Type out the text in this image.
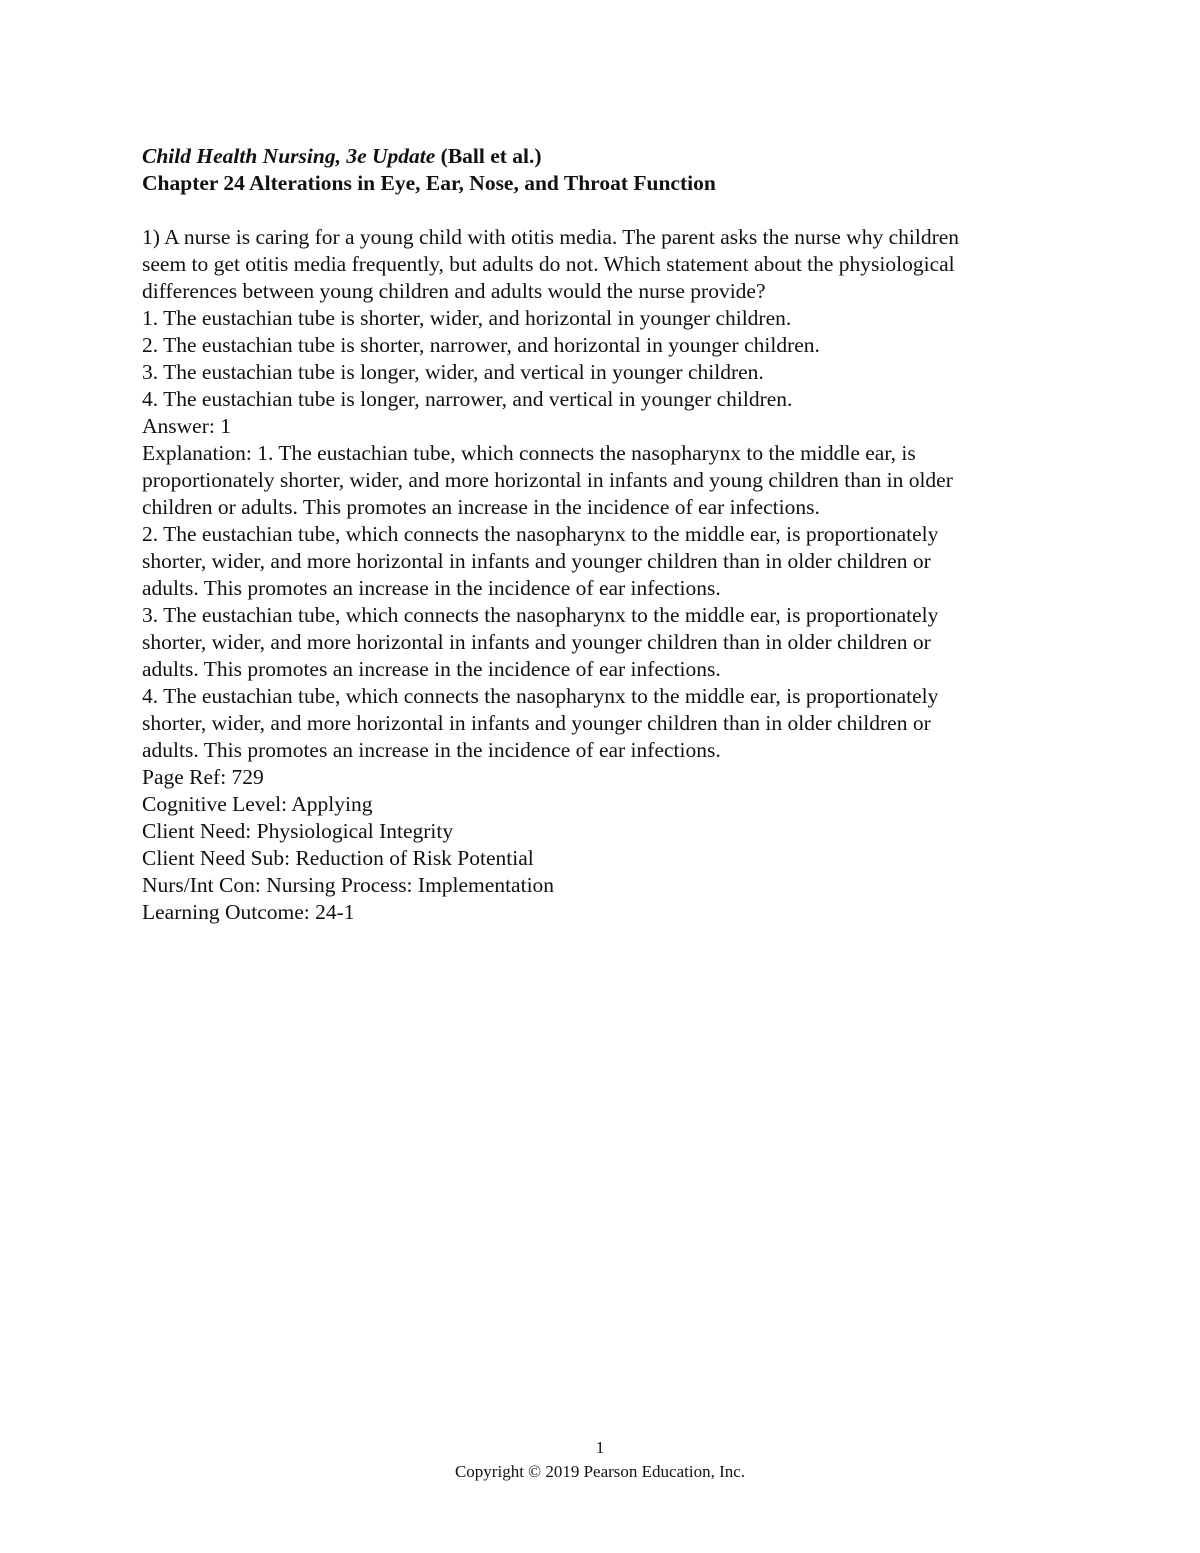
Child Health Nursing, 3e Update (Ball et al.)
Chapter 24 Alterations in Eye, Ear, Nose, and Throat Function
1) A nurse is caring for a young child with otitis media. The parent asks the nurse why children
seem to get otitis media frequently, but adults do not. Which statement about the physiological
differences between young children and adults would the nurse provide?
1. The eustachian tube is shorter, wider, and horizontal in younger children.
2. The eustachian tube is shorter, narrower, and horizontal in younger children.
3. The eustachian tube is longer, wider, and vertical in younger children.
4. The eustachian tube is longer, narrower, and vertical in younger children.
Answer: 1
Explanation: 1. The eustachian tube, which connects the nasopharynx to the middle ear, is
proportionately shorter, wider, and more horizontal in infants and young children than in older
children or adults. This promotes an increase in the incidence of ear infections.
2. The eustachian tube, which connects the nasopharynx to the middle ear, is proportionately
shorter, wider, and more horizontal in infants and younger children than in older children or
adults. This promotes an increase in the incidence of ear infections.
3. The eustachian tube, which connects the nasopharynx to the middle ear, is proportionately
shorter, wider, and more horizontal in infants and younger children than in older children or
adults. This promotes an increase in the incidence of ear infections.
4. The eustachian tube, which connects the nasopharynx to the middle ear, is proportionately
shorter, wider, and more horizontal in infants and younger children than in older children or
adults. This promotes an increase in the incidence of ear infections.
Page Ref: 729
Cognitive Level: Applying
Client Need: Physiological Integrity
Client Need Sub: Reduction of Risk Potential
Nurs/Int Con: Nursing Process: Implementation
Learning Outcome: 24-1
1
Copyright © 2019 Pearson Education, Inc.
